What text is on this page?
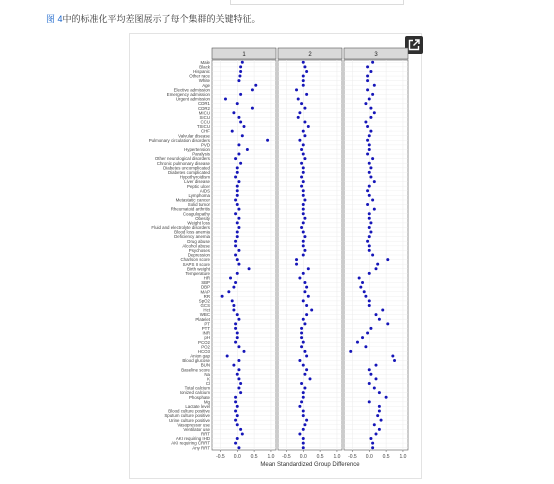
图 4中的标准化平均差图展示了每个集群的关键特征。
1
-0.5 0.0 0.5 1.0
2
-0.5 0.0 0.5 1.0
3
-0.5 0.0 0.5 1.0
Male
Black
Hispanic
Other race
White
Age
Elective admission
Emergency admission
Urgent admission
CDR1
CDR2
MICU
SICU
CCU
TSICU
CHF
Valvular disease
Pulmonary circulation disorders
PVD
Hypertension
Paralysis
Other neurological disorders
Chronic pulmonary disease
Diabetes uncomplicated
Diabetes complicated
Hypothyroidism
Liver disease
Peptic ulcer
AIDS
Lymphoma
Metastatic cancer
Solid tumor
Rheumatoid arthritis
Coagulopathy
Obesity
Weight loss
Fluid and electrolyte disorders
Blood loss anemia
Deficiency anemia
Drug abuse
Alcohol abuse
Psychoses
Depression
Charlson score
SAPS II score
Birth weight
Temperature
HR
SBP
DBP
MAP
RR
SpO2
GCS
Hct
WBC
Platelet
PT
PTT
INR
pH
PCO2
PO2
HCO3
Anion gap
Blood glucose
BUN
Baseline score
Na
K
Cl
Total calcium
Ionized calcium
Phosphate
Mg
Lactate level
Blood culture positive
Sputum culture positive
Urine culture positive
Vasopressor use
Ventilator use
RRT
AKI requiring IHD
AKI requiring CRRT
Any RRT
Mean Standardized Group Difference
